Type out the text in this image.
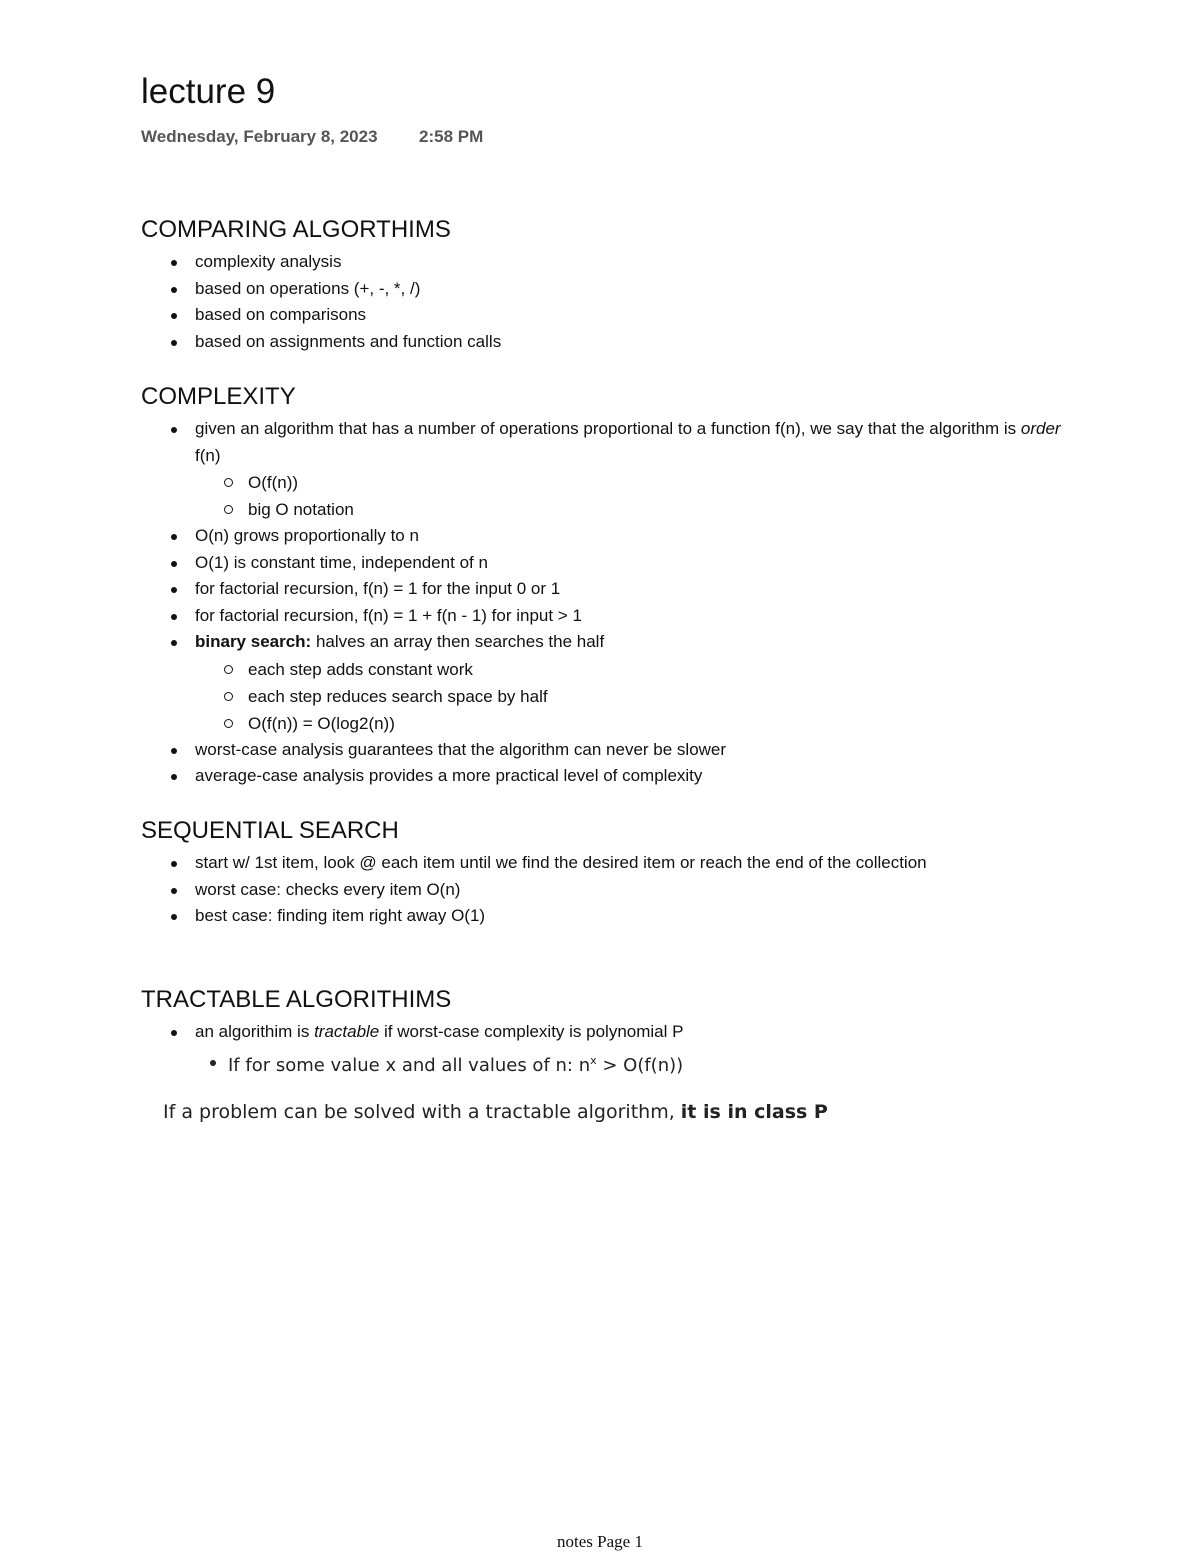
lecture 9
Wednesday, February 8, 2023 2:58 PM
COMPARING ALGORTHIMS
complexity analysis
based on operations (+, -, *, /)
based on comparisons
based on assignments and function calls
COMPLEXITY
given an algorithm that has a number of operations proportional to a function f(n), we say that the algorithm is order f(n)
O(f(n))
big O notation
O(n) grows proportionally to n
O(1) is constant time, independent of n
for factorial recursion, f(n) = 1 for the input 0 or 1
for factorial recursion, f(n) = 1 + f(n - 1) for input > 1
binary search: halves an array then searches the half
each step adds constant work
each step reduces search space by half
O(f(n)) = O(log2(n))
worst-case analysis guarantees that the algorithm can never be slower
average-case analysis provides a more practical level of complexity
SEQUENTIAL SEARCH
start w/ 1st item, look @ each item until we find the desired item or reach the end of the collection
worst case: checks every item O(n)
best case: finding item right away O(1)
TRACTABLE ALGORITHIMS
an algorithim is tractable if worst-case complexity is polynomial P
If for some value x and all values of n: $n^x > O(f(n))$
If a problem can be solved with a tractable algorithm, it is in class P
notes Page 1
